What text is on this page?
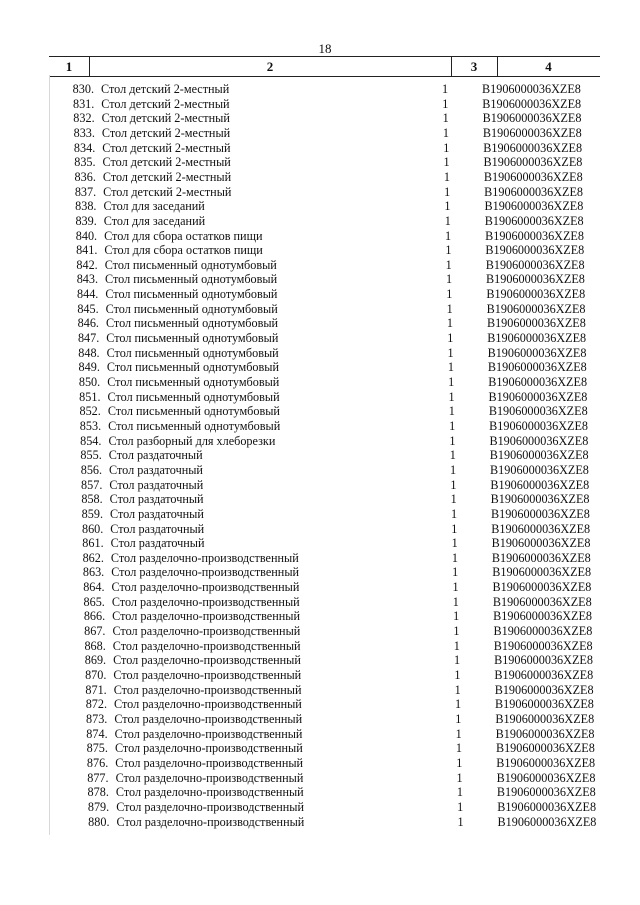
18
1	2	3	4
830. Стол детский 2-местный	1	B1906000036XZE8
831. Стол детский 2-местный	1	B1906000036XZE8
832. Стол детский 2-местный	1	B1906000036XZE8
833. Стол детский 2-местный	1	B1906000036XZE8
834. Стол детский 2-местный	1	B1906000036XZE8
835. Стол детский 2-местный	1	B1906000036XZE8
836. Стол детский 2-местный	1	B1906000036XZE8
837. Стол детский 2-местный	1	B1906000036XZE8
838. Стол для заседаний	1	B1906000036XZE8
839. Стол для заседаний	1	B1906000036XZE8
840. Стол для сбора остатков пищи	1	B1906000036XZE8
841. Стол для сбора остатков пищи	1	B1906000036XZE8
842. Стол письменный однотумбовый	1	B1906000036XZE8
843. Стол письменный однотумбовый	1	B1906000036XZE8
844. Стол письменный однотумбовый	1	B1906000036XZE8
845. Стол письменный однотумбовый	1	B1906000036XZE8
846. Стол письменный однотумбовый	1	B1906000036XZE8
847. Стол письменный однотумбовый	1	B1906000036XZE8
848. Стол письменный однотумбовый	1	B1906000036XZE8
849. Стол письменный однотумбовый	1	B1906000036XZE8
850. Стол письменный однотумбовый	1	B1906000036XZE8
851. Стол письменный однотумбовый	1	B1906000036XZE8
852. Стол письменный однотумбовый	1	B1906000036XZE8
853. Стол письменный однотумбовый	1	B1906000036XZE8
854. Стол разборный для хлеборезки	1	B1906000036XZE8
855. Стол раздаточный	1	B1906000036XZE8
856. Стол раздаточный	1	B1906000036XZE8
857. Стол раздаточный	1	B1906000036XZE8
858. Стол раздаточный	1	B1906000036XZE8
859. Стол раздаточный	1	B1906000036XZE8
860. Стол раздаточный	1	B1906000036XZE8
861. Стол раздаточный	1	B1906000036XZE8
862. Стол разделочно-производственный	1	B1906000036XZE8
863. Стол разделочно-производственный	1	B1906000036XZE8
864. Стол разделочно-производственный	1	B1906000036XZE8
865. Стол разделочно-производственный	1	B1906000036XZE8
866. Стол разделочно-производственный	1	B1906000036XZE8
867. Стол разделочно-производственный	1	B1906000036XZE8
868. Стол разделочно-производственный	1	B1906000036XZE8
869. Стол разделочно-производственный	1	B1906000036XZE8
870. Стол разделочно-производственный	1	B1906000036XZE8
871. Стол разделочно-производственный	1	B1906000036XZE8
872. Стол разделочно-производственный	1	B1906000036XZE8
873. Стол разделочно-производственный	1	B1906000036XZE8
874. Стол разделочно-производственный	1	B1906000036XZE8
875. Стол разделочно-производственный	1	B1906000036XZE8
876. Стол разделочно-производственный	1	B1906000036XZE8
877. Стол разделочно-производственный	1	B1906000036XZE8
878. Стол разделочно-производственный	1	B1906000036XZE8
879. Стол разделочно-производственный	1	B1906000036XZE8
880. Стол разделочно-производственный	1	B1906000036XZE8
